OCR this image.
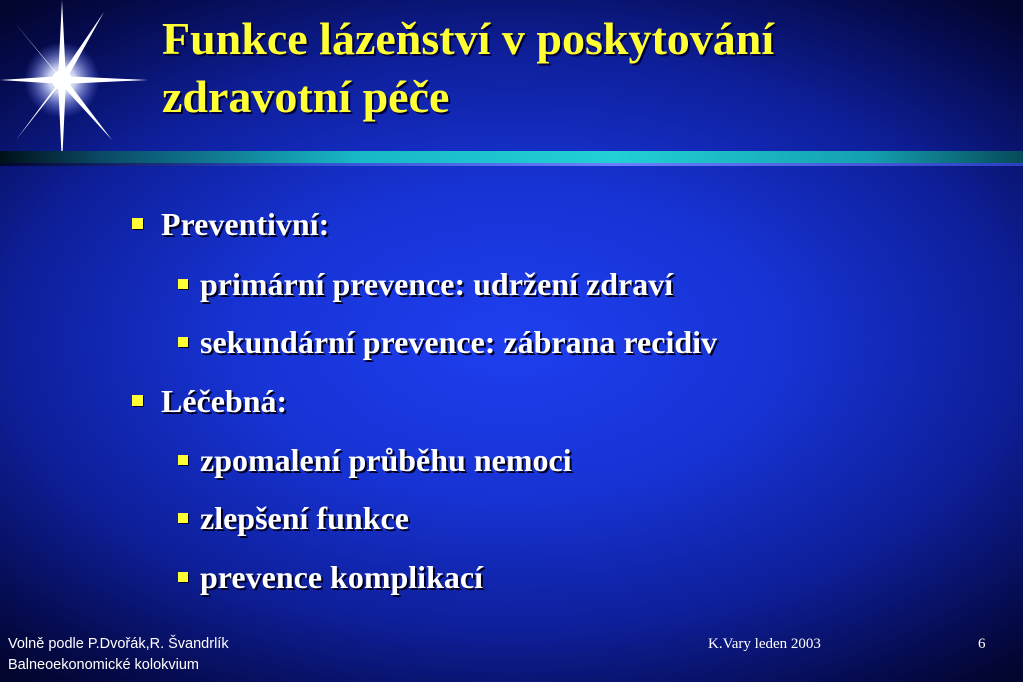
Funkce lázeňství v poskytování
zdravotní péče
Preventivní:
primární prevence: udržení zdraví
sekundární prevence: zábrana recidiv
Léčebná:
zpomalení průběhu nemoci
zlepšení funkce
prevence komplikací
Volně podle P.Dvořák,R. Švandrlík
Balneoekonomické kolokvium
K.Vary leden 2003	6
